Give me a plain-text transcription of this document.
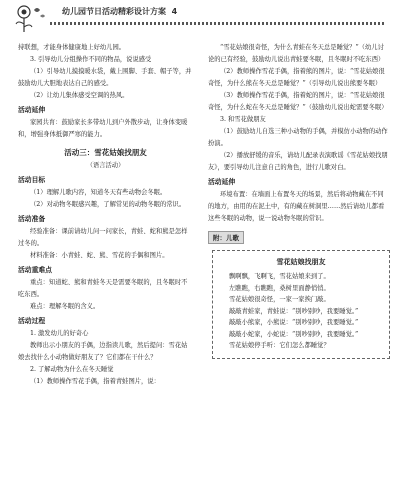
幼儿园节日活动精彩设计方案 4

持联想，才能身体健康地上好幼儿园。

3. 引导幼儿分组操作不同的物品，说说感受

（1）引导幼儿摸摸暖水袋，戴上围脚、手套、帽子等，并鼓励幼儿大胆地表达自己的感受。

（2）让幼儿集体感受空调的热风。

活动延伸

家园共育：鼓励家长多带幼儿到户外散步动，让身体变暖和，增强身体抵御严寒的能力。

活动三：雪花姑娘找朋友

（语言活动）

活动目标

（1）理解儿歌内容，知道冬天有些动物会冬眠。

（2）对动物冬眠感兴趣，了解常见的动物冬眠的常识。

活动准备

经验准备：课前请幼儿问一问家长，青蛙、蛇和熊是怎样过冬的。

材料准备：小青蛙、蛇、熊、雪花的手偶和图片。

活动重难点

重点：知道蛇、熊和青蛙冬天是需要冬眠的，且冬眠时不吃东西。

难点：理解冬眠的含义。

活动过程

1. 激发幼儿的好奇心

教师出示小朋友的手偶，边指读儿歌，然后提问：雪花姑娘去找什么小动物做好朋友了？它们都在干什么？

2. 了解动物为什么在冬天睡觉

（1）教师操作雪花手偶，指着青蛙图片，说：

“雪花姑娘很奇怪，为什么青蛙在冬天总是睡觉？”（幼儿讨论的已有经验，鼓励幼儿说出青蛙要冬眠，且冬眠时不吃东西）

（2）教师操作雪花手偶，指着熊的图片，说：“雪花姑娘很奇怪，为什么熊在冬天总是睡觉？”（引导幼儿说出熊要冬眠）

（3）教师操作雪花手偶，指着蛇的图片，说：“雪花姑娘很奇怪，为什么蛇在冬天总是睡觉？”（鼓励幼儿说出蛇需要冬眠）

3. 和雪花做朋友

（1）鼓励幼儿自选三种小动物的手偶，并模仿小动物的动作扮演。

（2）播放舒缓的音乐，请幼儿配录表演歌谣《雪花姑娘找朋友》，要引导幼儿注意自己的角色，进行儿歌对白。

活动延伸

环境布置：在墙面上布置冬天的场景，然后将动物藏在不同的地方，由用的在泥土中，有的藏在树洞里……然后请幼儿都看这些冬眠的动物，说一说动物冬眠的常识。

附：儿歌

雪花姑娘找朋友

飘啊飘，飞啊飞，雪花姑娘来到了。

左瞧瞧，右瞧瞧，桑树里面静悄悄。

雪花姑娘很奇怪，一家一家挨门敲。

敲敲青蛙家，青蛙说：“别吵别吵，我要睡觉。”

敲敲小熊家，小熊说：“别吵别吵，我要睡觉。”

敲敲小蛇家，小蛇说：“别吵别吵，我要睡觉。”

雪花姑娘停手听：它们怎么都睡觉？
